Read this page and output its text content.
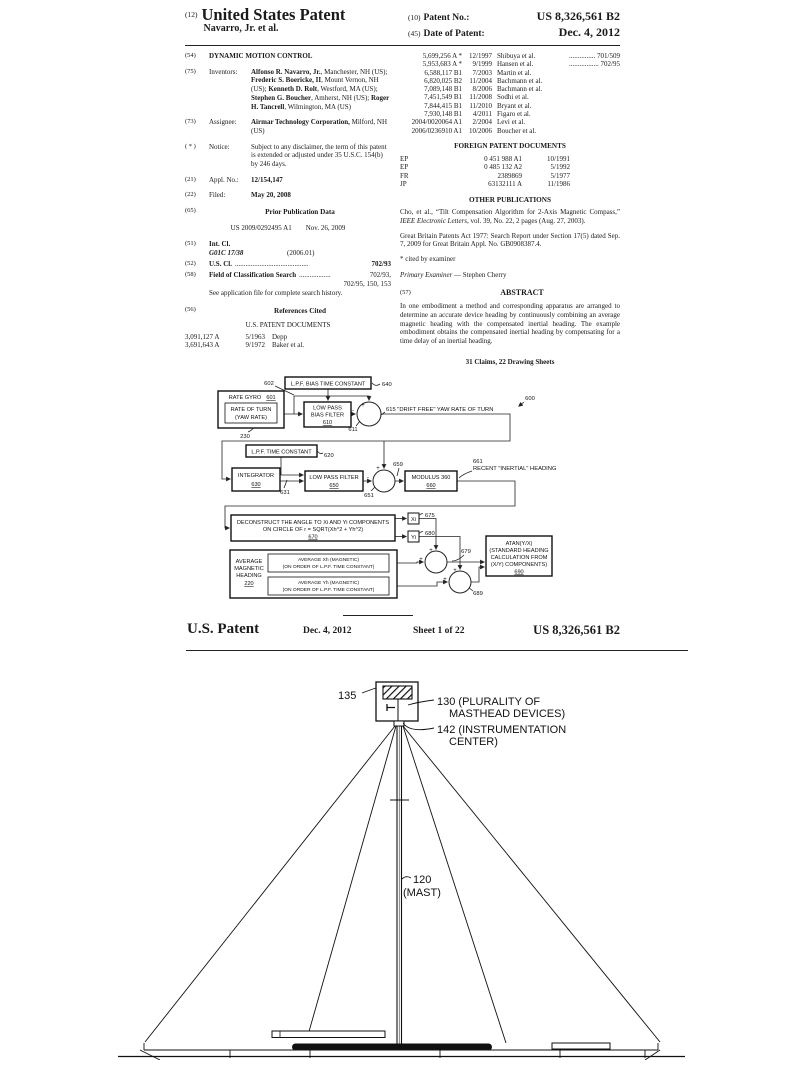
(12) United States Patent
Navarro, Jr. et al.
(10) Patent No.:	US 8,326,561 B2
(45) Date of Patent:	Dec. 4, 2012
(54)	DYNAMIC MOTION CONTROL
(75)	Inventors:	Alfonso R. Navarro, Jr., Manchester, NH (US); Frederic S. Boericke, II, Mount Vernon, NH (US); Kenneth D. Rolt, Westford, MA (US); Stephen G. Boucher, Amherst, NH (US); Roger H. Tancrell, Wilmington, MA (US)
(73)	Assignee:	Airmar Technology Corporation, Milford, NH (US)
( * )	Notice:	Subject to any disclaimer, the term of this patent is extended or adjusted under 35 U.S.C. 154(b) by 246 days.
(21)	Appl. No.:	12/154,147
(22)	Filed:	May 20, 2008
(65)	Prior Publication Data
US 2009/0292495 A1 Nov. 26, 2009
(51)	Int. Cl.
G01C 17/38	(2006.01)
(52)	U.S. Cl. ..........................................	702/93
(58)	Field of Classification Search ..................	702/93,
702/95, 150, 153
See application file for complete search history.
(56)	References Cited
U.S. PATENT DOCUMENTS
3,091,127 A	5/1963 Depp
3,691,643 A	9/1972 Baker et al.
5,699,256 A *	12/1997 Shibuya et al.	............... 701/509
5,953,683 A *	9/1999 Hansen et al.	................. 702/95
6,588,117 B1	7/2003 Martin et al.
6,820,025 B2	11/2004 Bachmann et al.
7,089,148 B1	8/2006 Bachmann et al.
7,451,549 B1	11/2008 Sodhi et al.
7,844,415 B1	11/2010 Bryant et al.
7,930,148 B1	4/2011 Figaro et al.
2004/0020064 A1	2/2004 Levi et al.
2006/0236910 A1	10/2006 Boucher et al.
FOREIGN PATENT DOCUMENTS
EP	0 451 988 A1	10/1991
EP	0 485 132 A2	5/1992
FR	2389869	5/1977
JP	63132111 A	11/1986
OTHER PUBLICATIONS
Cho, et al., “Tilt Compensation Algorithm for 2-Axis Magnetic Compass,” IEEE Electronic Letters, vol. 39, No. 22, 2 pages (Aug. 27, 2003).
Great Britain Patents Act 1977: Search Report under Section 17(5) dated Sep. 7, 2009 for Great Britain Appl. No. GB0908387.4.
* cited by examiner
Primary Examiner — Stephen Cherry
(57)	ABSTRACT
In one embodiment a method and corresponding apparatus are arranged to determine an accurate device heading by continuously combining an average magnetic heading with the compensated inertial heading. The example embodiment obtains the compensated inertial heading by compensating for a time delay of an inertial heading.
31 Claims, 22 Drawing Sheets
+
-
+
-
+
+
+
+
L.P.F. BIAS TIME CONSTANT
RATE GYRO 601
RATE OF TURN
(YAW RATE)
LOW PASS
BIAS FILTER
610
L.P.F. TIME CONSTANT
INTEGRATOR
630
LOW PASS FILTER
650
MODULUS 360
660
DECONSTRUCT THE ANGLE TO Xi AND Yi COMPONENTS
ON CIRCLE OF r = SQRT(Xh^2 + Yh^2)
670
Xi
Yi
ATAN(Y/X)
(STANDARD HEADING
CALCULATION FROM
(X/Y) COMPONENTS)
690
AVERAGE
MAGNETIC
HEADING
220
AVERAGE Xh (MAGNETIC)
(ON ORDER OF L.P.F. TIME CONSTANT)
AVERAGE Yh (MAGNETIC)
(ON ORDER OF L.P.F. TIME CONSTANT)
602	640
600
230
611
615 "DRIFT FREE" YAW RATE OF TURN
620
631	651
659	661
RECENT "INERTIAL" HEADING
675
680
679
689
U.S. Patent	Dec. 4, 2012	Sheet 1 of 22	US 8,326,561 B2
135	130 (PLURALITY OF
MASTHEAD DEVICES)
142 (INSTRUMENTATION
CENTER)
120
(MAST)
